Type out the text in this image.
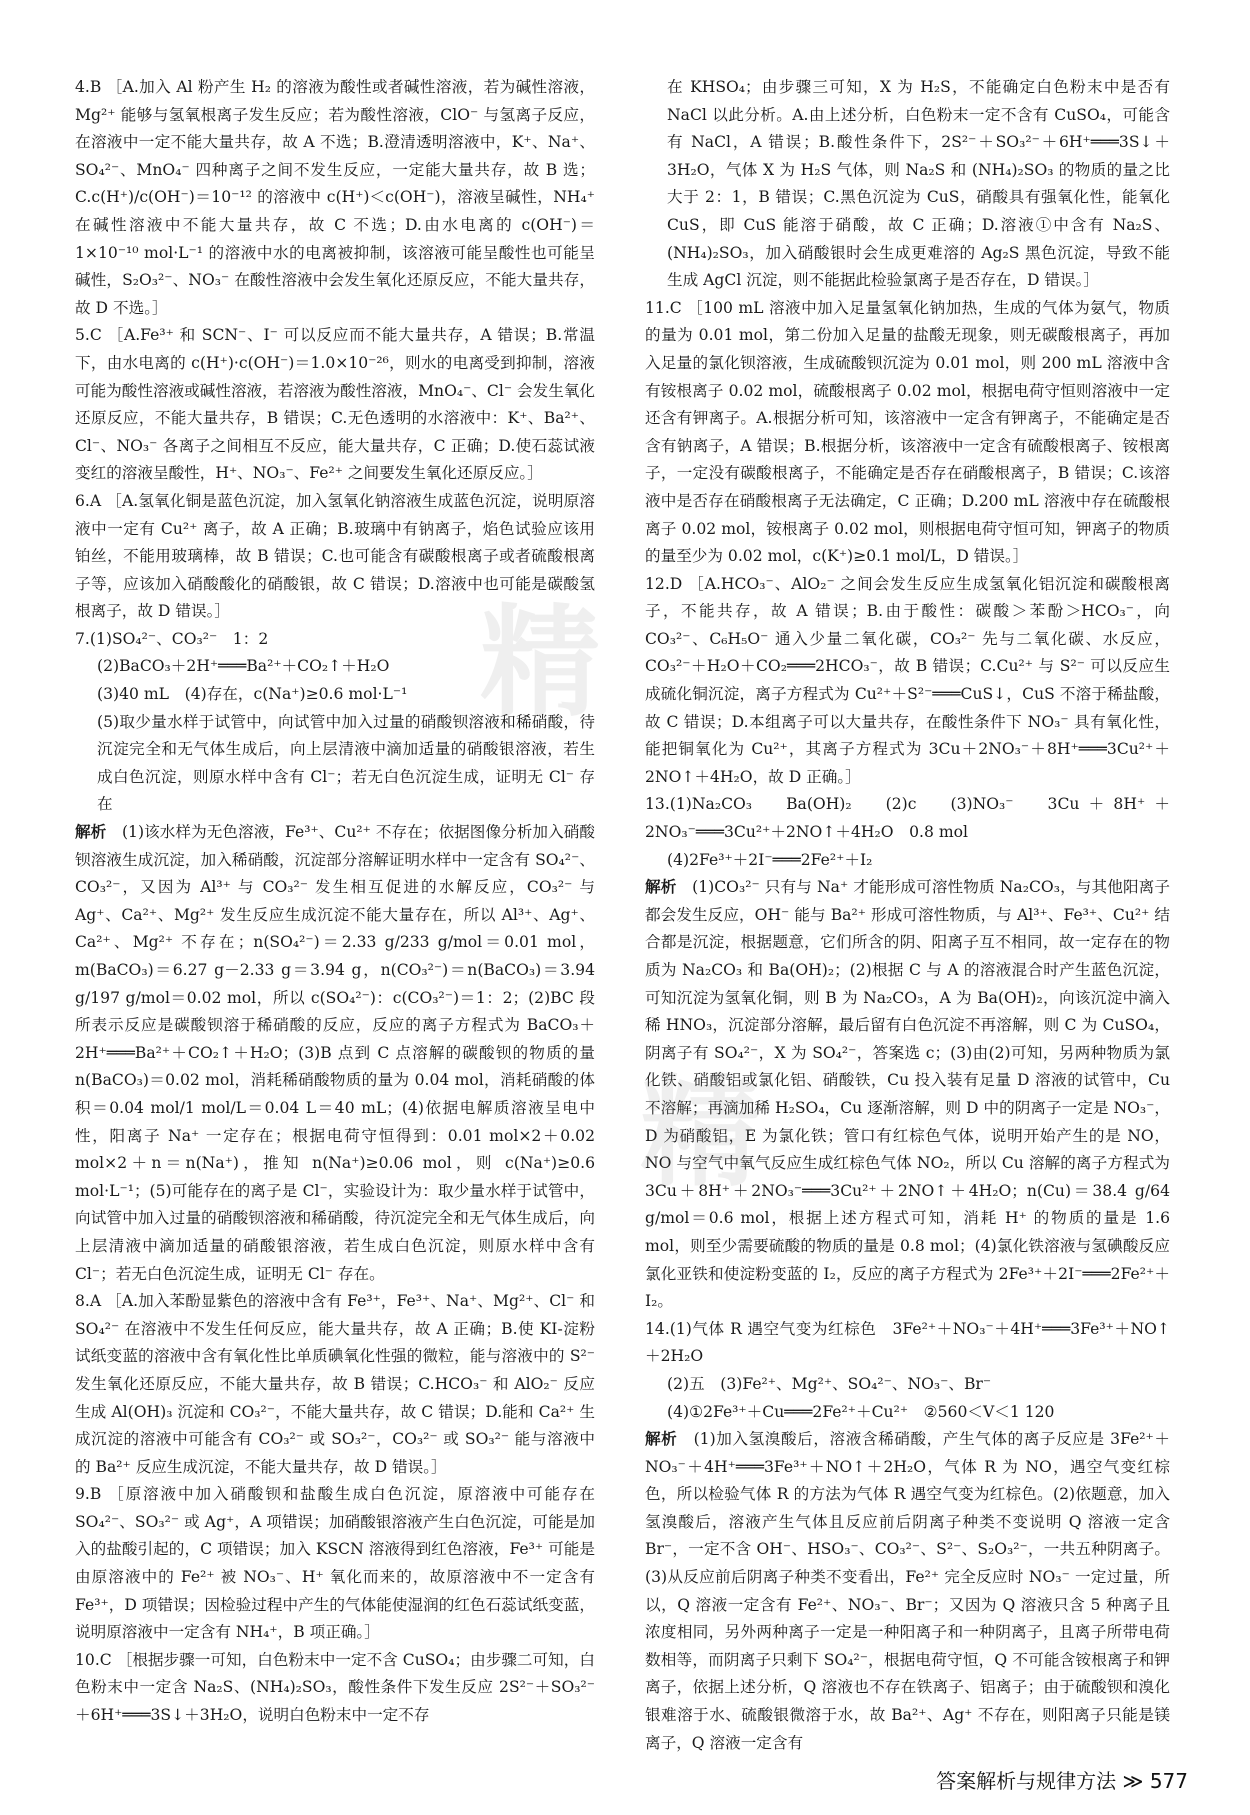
4.B ［A.加入 Al 粉产生 H₂ 的溶液为酸性或者碱性溶液，若为碱性溶液，Mg²⁺ 能够与氢氧根离子发生反应；若为酸性溶液，ClO⁻ 与氢离子反应，在溶液中一定不能大量共存，故 A 不选；B.澄清透明溶液中，K⁺、Na⁺、SO₄²⁻、MnO₄⁻ 四种离子之间不发生反应，一定能大量共存，故 B 选；C.c(H⁺)/c(OH⁻)＝10⁻¹² 的溶液中 c(H⁺)＜c(OH⁻)，溶液呈碱性，NH₄⁺ 在碱性溶液中不能大量共存，故 C 不选；D.由水电离的 c(OH⁻)＝1×10⁻¹⁰ mol·L⁻¹ 的溶液中水的电离被抑制，该溶液可能呈酸性也可能呈碱性，S₂O₃²⁻、NO₃⁻ 在酸性溶液中会发生氧化还原反应，不能大量共存，故 D 不选。］

5.C ［A.Fe³⁺ 和 SCN⁻、I⁻ 可以反应而不能大量共存，A 错误；B.常温下，由水电离的 c(H⁺)·c(OH⁻)＝1.0×10⁻²⁶，则水的电离受到抑制，溶液可能为酸性溶液或碱性溶液，若溶液为酸性溶液，MnO₄⁻、Cl⁻ 会发生氧化还原反应，不能大量共存，B 错误；C.无色透明的水溶液中：K⁺、Ba²⁺、Cl⁻、NO₃⁻ 各离子之间相互不反应，能大量共存，C 正确；D.使石蕊试液变红的溶液呈酸性，H⁺、NO₃⁻、Fe²⁺ 之间要发生氧化还原反应。］

6.A ［A.氢氧化铜是蓝色沉淀，加入氢氧化钠溶液生成蓝色沉淀，说明原溶液中一定有 Cu²⁺ 离子，故 A 正确；B.玻璃中有钠离子，焰色试验应该用铂丝，不能用玻璃棒，故 B 错误；C.也可能含有碳酸根离子或者硫酸根离子等，应该加入硝酸酸化的硝酸银，故 C 错误；D.溶液中也可能是碳酸氢根离子，故 D 错误。］

7.(1)SO₄²⁻、CO₃²⁻　1：2

(2)BaCO₃＋2H⁺═══Ba²⁺＋CO₂↑＋H₂O

(3)40 mL　(4)存在，c(Na⁺)≥0.6 mol·L⁻¹

(5)取少量水样于试管中，向试管中加入过量的硝酸钡溶液和稀硝酸，待沉淀完全和无气体生成后，向上层清液中滴加适量的硝酸银溶液，若生成白色沉淀，则原水样中含有 Cl⁻；若无白色沉淀生成，证明无 Cl⁻ 存在

解析　 (1)该水样为无色溶液，Fe³⁺、Cu²⁺ 不存在；依据图像分析加入硝酸钡溶液生成沉淀，加入稀硝酸，沉淀部分溶解证明水样中一定含有 SO₄²⁻、CO₃²⁻，又因为 Al³⁺ 与 CO₃²⁻ 发生相互促进的水解反应，CO₃²⁻ 与 Ag⁺、Ca²⁺、Mg²⁺ 发生反应生成沉淀不能大量存在，所以 Al³⁺、Ag⁺、Ca²⁺、Mg²⁺ 不存在；n(SO₄²⁻)＝2.33 g/233 g/mol＝0.01 mol，m(BaCO₃)＝6.27 g－2.33 g＝3.94 g，n(CO₃²⁻)＝n(BaCO₃)＝3.94 g/197 g/mol＝0.02 mol，所以 c(SO₄²⁻)：c(CO₃²⁻)＝1：2；(2)BC 段所表示反应是碳酸钡溶于稀硝酸的反应，反应的离子方程式为 BaCO₃＋2H⁺═══Ba²⁺＋CO₂↑＋H₂O；(3)B 点到 C 点溶解的碳酸钡的物质的量 n(BaCO₃)＝0.02 mol，消耗稀硝酸物质的量为 0.04 mol，消耗硝酸的体积＝0.04 mol/1 mol/L＝0.04 L＝40 mL；(4)依据电解质溶液呈电中性，阳离子 Na⁺ 一定存在；根据电荷守恒得到：0.01 mol×2＋0.02 mol×2＋n＝n(Na⁺)，推知 n(Na⁺)≥0.06 mol，则 c(Na⁺)≥0.6 mol·L⁻¹；(5)可能存在的离子是 Cl⁻，实验设计为：取少量水样于试管中，向试管中加入过量的硝酸钡溶液和稀硝酸，待沉淀完全和无气体生成后，向上层清液中滴加适量的硝酸银溶液，若生成白色沉淀，则原水样中含有 Cl⁻；若无白色沉淀生成，证明无 Cl⁻ 存在。

8.A ［A.加入苯酚显紫色的溶液中含有 Fe³⁺，Fe³⁺、Na⁺、Mg²⁺、Cl⁻ 和 SO₄²⁻ 在溶液中不发生任何反应，能大量共存，故 A 正确；B.使 KI-淀粉试纸变蓝的溶液中含有氧化性比单质碘氧化性强的微粒，能与溶液中的 S²⁻ 发生氧化还原反应，不能大量共存，故 B 错误；C.HCO₃⁻ 和 AlO₂⁻ 反应生成 Al(OH)₃ 沉淀和 CO₃²⁻，不能大量共存，故 C 错误；D.能和 Ca²⁺ 生成沉淀的溶液中可能含有 CO₃²⁻ 或 SO₃²⁻，CO₃²⁻ 或 SO₃²⁻ 能与溶液中的 Ba²⁺ 反应生成沉淀，不能大量共存，故 D 错误。］

9.B ［原溶液中加入硝酸钡和盐酸生成白色沉淀，原溶液中可能存在 SO₄²⁻、SO₃²⁻ 或 Ag⁺，A 项错误；加硝酸银溶液产生白色沉淀，可能是加入的盐酸引起的，C 项错误；加入 KSCN 溶液得到红色溶液，Fe³⁺ 可能是由原溶液中的 Fe²⁺ 被 NO₃⁻、H⁺ 氧化而来的，故原溶液中不一定含有 Fe³⁺，D 项错误；因检验过程中产生的气体能使湿润的红色石蕊试纸变蓝，说明原溶液中一定含有 NH₄⁺，B 项正确。］

10.C ［根据步骤一可知，白色粉末中一定不含 CuSO₄；由步骤二可知，白色粉末中一定含 Na₂S、(NH₄)₂SO₃，酸性条件下发生反应 2S²⁻＋SO₃²⁻＋6H⁺═══3S↓＋3H₂O，说明白色粉末中一定不存

在 KHSO₄；由步骤三可知，X 为 H₂S，不能确定白色粉末中是否有 NaCl 以此分析。A.由上述分析，白色粉末一定不含有 CuSO₄，可能含有 NaCl，A 错误；B.酸性条件下，2S²⁻＋SO₃²⁻＋6H⁺═══3S↓＋3H₂O，气体 X 为 H₂S 气体，则 Na₂S 和 (NH₄)₂SO₃ 的物质的量之比大于 2：1，B 错误；C.黑色沉淀为 CuS，硝酸具有强氧化性，能氧化 CuS，即 CuS 能溶于硝酸，故 C 正确；D.溶液①中含有 Na₂S、(NH₄)₂SO₃，加入硝酸银时会生成更难溶的 Ag₂S 黑色沉淀，导致不能生成 AgCl 沉淀，则不能据此检验氯离子是否存在，D 错误。］

11.C ［100 mL 溶液中加入足量氢氧化钠加热，生成的气体为氨气，物质的量为 0.01 mol，第二份加入足量的盐酸无现象，则无碳酸根离子，再加入足量的氯化钡溶液，生成硫酸钡沉淀为 0.01 mol，则 200 mL 溶液中含有铵根离子 0.02 mol，硫酸根离子 0.02 mol，根据电荷守恒则溶液中一定还含有钾离子。A.根据分析可知，该溶液中一定含有钾离子，不能确定是否含有钠离子，A 错误；B.根据分析，该溶液中一定含有硫酸根离子、铵根离子，一定没有碳酸根离子，不能确定是否存在硝酸根离子，B 错误；C.该溶液中是否存在硝酸根离子无法确定，C 正确；D.200 mL 溶液中存在硫酸根离子 0.02 mol，铵根离子 0.02 mol，则根据电荷守恒可知，钾离子的物质的量至少为 0.02 mol，c(K⁺)≥0.1 mol/L，D 错误。］

12.D ［A.HCO₃⁻、AlO₂⁻ 之间会发生反应生成氢氧化铝沉淀和碳酸根离子，不能共存，故 A 错误；B.由于酸性：碳酸＞苯酚＞HCO₃⁻，向 CO₃²⁻、C₆H₅O⁻ 通入少量二氧化碳，CO₃²⁻ 先与二氧化碳、水反应，CO₃²⁻＋H₂O＋CO₂═══2HCO₃⁻，故 B 错误；C.Cu²⁺ 与 S²⁻ 可以反应生成硫化铜沉淀，离子方程式为 Cu²⁺＋S²⁻═══CuS↓，CuS 不溶于稀盐酸，故 C 错误；D.本组离子可以大量共存，在酸性条件下 NO₃⁻ 具有氧化性，能把铜氧化为 Cu²⁺，其离子方程式为 3Cu＋2NO₃⁻＋8H⁺═══3Cu²⁺＋2NO↑＋4H₂O，故 D 正确。］

13.(1)Na₂CO₃　Ba(OH)₂　(2)c　(3)NO₃⁻　3Cu＋8H⁺＋2NO₃⁻═══3Cu²⁺＋2NO↑＋4H₂O　0.8 mol

(4)2Fe³⁺＋2I⁻═══2Fe²⁺＋I₂

解析　 (1)CO₃²⁻ 只有与 Na⁺ 才能形成可溶性物质 Na₂CO₃，与其他阳离子都会发生反应，OH⁻ 能与 Ba²⁺ 形成可溶性物质，与 Al³⁺、Fe³⁺、Cu²⁺ 结合都是沉淀，根据题意，它们所含的阴、阳离子互不相同，故一定存在的物质为 Na₂CO₃ 和 Ba(OH)₂；(2)根据 C 与 A 的溶液混合时产生蓝色沉淀，可知沉淀为氢氧化铜，则 B 为 Na₂CO₃，A 为 Ba(OH)₂，向该沉淀中滴入稀 HNO₃，沉淀部分溶解，最后留有白色沉淀不再溶解，则 C 为 CuSO₄，阴离子有 SO₄²⁻，X 为 SO₄²⁻，答案选 c；(3)由(2)可知，另两种物质为氯化铁、硝酸铝或氯化铝、硝酸铁，Cu 投入装有足量 D 溶液的试管中，Cu 不溶解；再滴加稀 H₂SO₄，Cu 逐渐溶解，则 D 中的阴离子一定是 NO₃⁻，D 为硝酸铝，E 为氯化铁；管口有红棕色气体，说明开始产生的是 NO，NO 与空气中氧气反应生成红棕色气体 NO₂，所以 Cu 溶解的离子方程式为 3Cu＋8H⁺＋2NO₃⁻═══3Cu²⁺＋2NO↑＋4H₂O；n(Cu)＝38.4 g/64 g/mol＝0.6 mol，根据上述方程式可知，消耗 H⁺ 的物质的量是 1.6 mol，则至少需要硫酸的物质的量是 0.8 mol；(4)氯化铁溶液与氢碘酸反应氯化亚铁和使淀粉变蓝的 I₂，反应的离子方程式为 2Fe³⁺＋2I⁻═══2Fe²⁺＋I₂。

14.(1)气体 R 遇空气变为红棕色　3Fe²⁺＋NO₃⁻＋4H⁺═══3Fe³⁺＋NO↑＋2H₂O

(2)五　(3)Fe²⁺、Mg²⁺、SO₄²⁻、NO₃⁻、Br⁻

(4)①2Fe³⁺＋Cu═══2Fe²⁺＋Cu²⁺　②560＜V＜1 120

解析　 (1)加入氢溴酸后，溶液含稀硝酸，产生气体的离子反应是 3Fe²⁺＋NO₃⁻＋4H⁺═══3Fe³⁺＋NO↑＋2H₂O，气体 R 为 NO，遇空气变红棕色，所以检验气体 R 的方法为气体 R 遇空气变为红棕色。(2)依题意，加入氢溴酸后，溶液产生气体且反应前后阴离子种类不变说明 Q 溶液一定含 Br⁻，一定不含 OH⁻、HSO₃⁻、CO₃²⁻、S²⁻、S₂O₃²⁻，一共五种阴离子。(3)从反应前后阴离子种类不变看出，Fe²⁺ 完全反应时 NO₃⁻ 一定过量，所以，Q 溶液一定含有 Fe²⁺、NO₃⁻、Br⁻；又因为 Q 溶液只含 5 种离子且浓度相同，另外两种离子一定是一种阳离子和一种阴离子，且离子所带电荷数相等，而阴离子只剩下 SO₄²⁻，根据电荷守恒，Q 不可能含铵根离子和钾离子，依据上述分析，Q 溶液也不存在铁离子、铝离子；由于硫酸钡和溴化银难溶于水、硫酸银微溶于水，故 Ba²⁺、Ag⁺ 不存在，则阳离子只能是镁离子，Q 溶液一定含有

精
精
答案解析与规律方法 ≫ 577
